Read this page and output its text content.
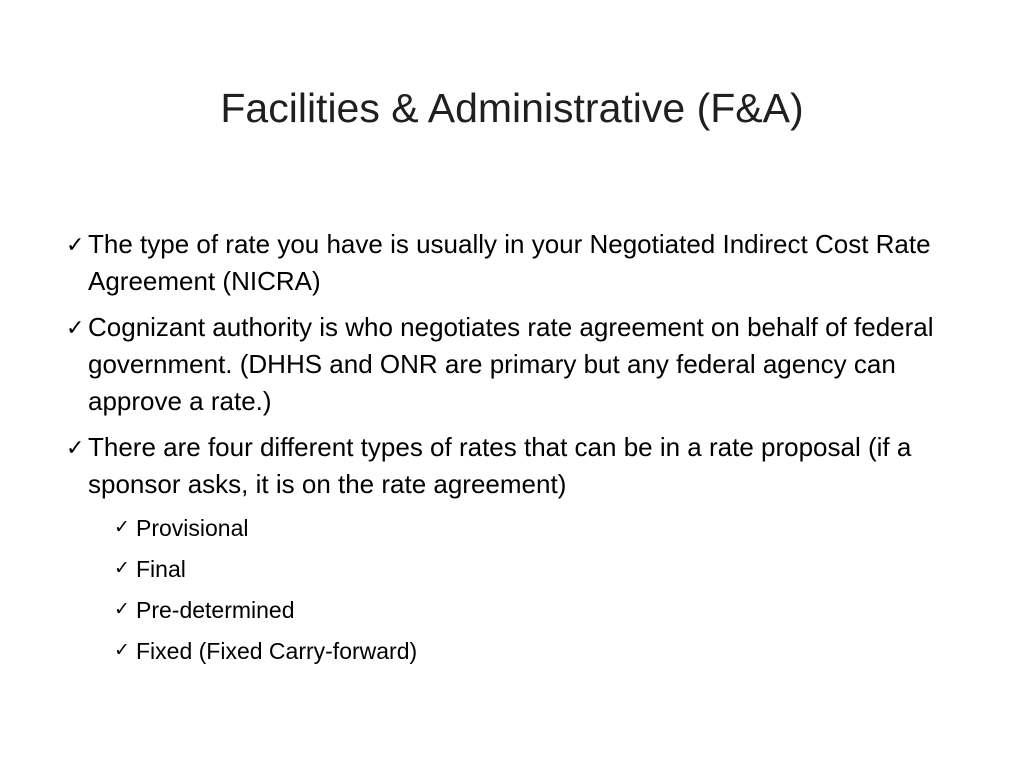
Facilities & Administrative (F&A)
✓ The type of rate you have is usually in your Negotiated Indirect Cost Rate Agreement (NICRA)
✓ Cognizant authority is who negotiates rate agreement on behalf of federal government. (DHHS and ONR are primary but any federal agency can approve a rate.)
✓ There are four different types of rates that can be in a rate proposal (if a sponsor asks, it is on the rate agreement)
✓ Provisional
✓ Final
✓ Pre-determined
✓ Fixed (Fixed Carry-forward)
